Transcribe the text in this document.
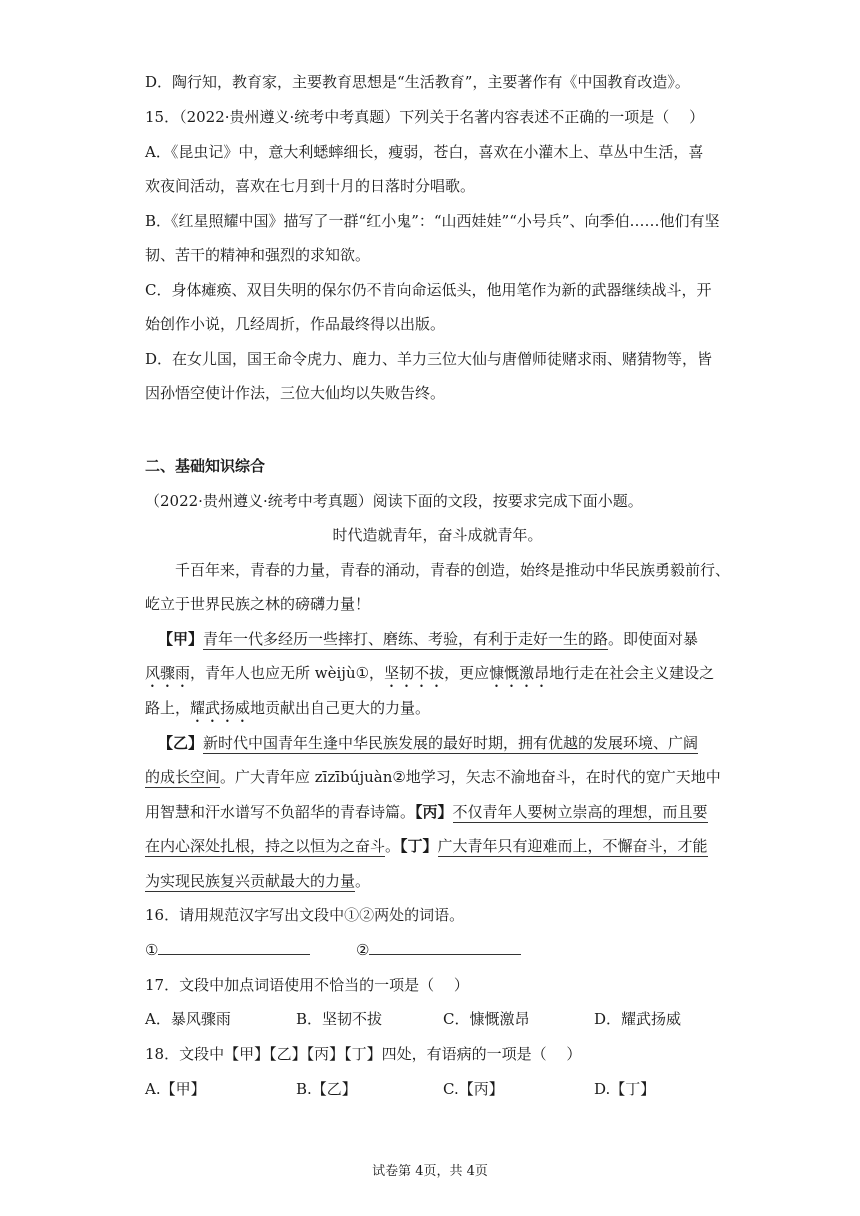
D．陶行知，教育家，主要教育思想是“生活教育”，主要著作有《中国教育改造》。
15．（2022·贵州遵义·统考中考真题）下列关于名著内容表述不正确的一项是（　 ）
A．《昆虫记》中，意大利蟋蟀细长，瘦弱，苍白，喜欢在小灌木上、草丛中生活，喜
欢夜间活动，喜欢在七月到十月的日落时分唱歌。
B．《红星照耀中国》描写了一群“红小鬼”：“山西娃娃”“小号兵”、向季伯……他们有坚
韧、苦干的精神和强烈的求知欲。
C．身体瘫痪、双目失明的保尔仍不肯向命运低头，他用笔作为新的武器继续战斗，开
始创作小说，几经周折，作品最终得以出版。
D．在女儿国，国王命令虎力、鹿力、羊力三位大仙与唐僧师徒赌求雨、赌猜物等，皆
因孙悟空使计作法，三位大仙均以失败告终。
二、基础知识综合
（2022·贵州遵义·统考中考真题）阅读下面的文段，按要求完成下面小题。
时代造就青年，奋斗成就青年。
千百年来，青春的力量，青春的涌动，青春的创造，始终是推动中华民族勇毅前行、
屹立于世界民族之林的磅礴力量！
【甲】青年一代多经历一些摔打、磨练、考验，有利于走好一生的路。即使面对暴
风骤雨，青年人也应无所 wèijù①，坚韧不拔，更应慷慨激昂地行走在社会主义建设之
路上，耀武扬威地贡献出自己更大的力量。
【乙】新时代中国青年生逢中华民族发展的最好时期，拥有优越的发展环境、广阔
的成长空间。广大青年应 zīzībújuàn②地学习，矢志不渝地奋斗，在时代的宽广天地中
用智慧和汗水谱写不负韶华的青春诗篇。【丙】不仅青年人要树立崇高的理想，而且要
在内心深处扎根，持之以恒为之奋斗。【丁】广大青年只有迎难而上，不懈奋斗，才能
为实现民族复兴贡献最大的力量。
16．请用规范汉字写出文段中①②两处的词语。
①	②
17．文段中加点词语使用不恰当的一项是（　 ）
A．暴风骤雨	B．坚韧不拔	C．慷慨激昂	D．耀武扬威
18．文段中【甲】【乙】【丙】【丁】四处，有语病的一项是（　 ）
A.【甲】	B.【乙】	C.【丙】	D.【丁】
试卷第 4页，共 4页
